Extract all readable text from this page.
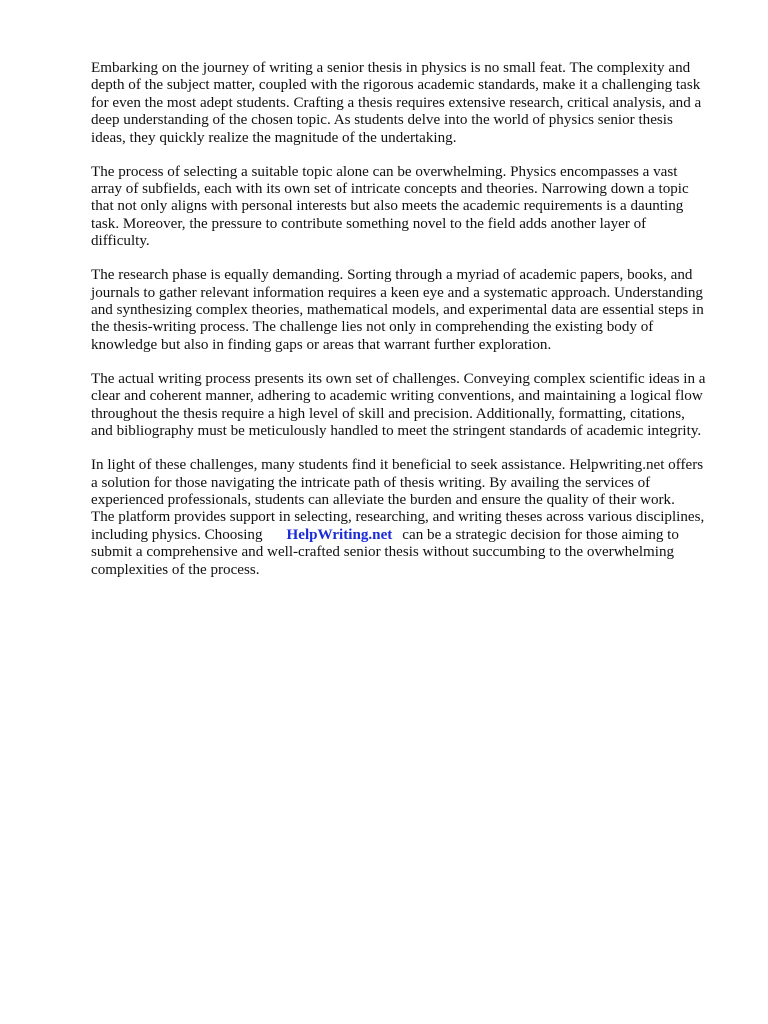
Embarking on the journey of writing a senior thesis in physics is no small feat. The complexity and
depth of the subject matter, coupled with the rigorous academic standards, make it a challenging task
for even the most adept students. Crafting a thesis requires extensive research, critical analysis, and a
deep understanding of the chosen topic. As students delve into the world of physics senior thesis
ideas, they quickly realize the magnitude of the undertaking.

The process of selecting a suitable topic alone can be overwhelming. Physics encompasses a vast
array of subfields, each with its own set of intricate concepts and theories. Narrowing down a topic
that not only aligns with personal interests but also meets the academic requirements is a daunting
task. Moreover, the pressure to contribute something novel to the field adds another layer of
difficulty.

The research phase is equally demanding. Sorting through a myriad of academic papers, books, and
journals to gather relevant information requires a keen eye and a systematic approach. Understanding
and synthesizing complex theories, mathematical models, and experimental data are essential steps in
the thesis-writing process. The challenge lies not only in comprehending the existing body of
knowledge but also in finding gaps or areas that warrant further exploration.

The actual writing process presents its own set of challenges. Conveying complex scientific ideas in a
clear and coherent manner, adhering to academic writing conventions, and maintaining a logical flow
throughout the thesis require a high level of skill and precision. Additionally, formatting, citations,
and bibliography must be meticulously handled to meet the stringent standards of academic integrity.

In light of these challenges, many students find it beneficial to seek assistance. Helpwriting.net offers
a solution for those navigating the intricate path of thesis writing. By availing the services of
experienced professionals, students can alleviate the burden and ensure the quality of their work.
The platform provides support in selecting, researching, and writing theses across various disciplines,
including physics. Choosing HelpWriting.net can be a strategic decision for those aiming to
submit a comprehensive and well-crafted senior thesis without succumbing to the overwhelming
complexities of the process.
